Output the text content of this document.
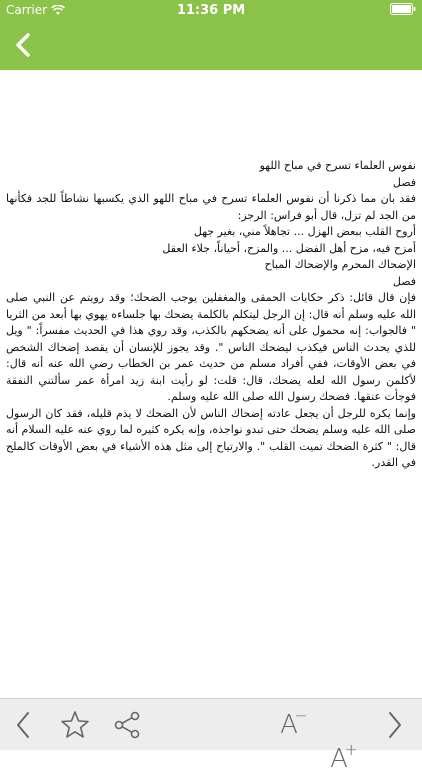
Carrier	11:36 PM
نفوس العلماء تسرح في مباح اللهو
فصل
فقد بان مما ذكرنا أن نفوس العلماء تسرح في مباح اللهو الذي يكسبها نشاطاً للجد فكأنها من الجد لم تزل، قال أبو فراس: الرجز:
أروح القلب ببعض الهزل ... تجاهلاً مني، بغير جهل
أمزح فيه، مزح أهل الفضل ... والمزح، أحياناً، جلاء العقل
الإضحاك المحرم والإضحاك المباح
فصل
فإن قال قائل: ذكر حكايات الحمقى والمغفلين يوجب الضحك؛ وقد رويتم عن النبي صلى الله عليه وسلم أنه قال: إن الرجل ليتكلم بالكلمة يضحك بها جلساءه يهوي بها أبعد من الثريا " فالجواب: إنه محمول على أنه يضحكهم بالكذب، وقد روي هذا في الحديث مفسراً: " ويل للذي يحدث الناس فيكذب ليضحك الناس ". وقد يجوز للإنسان أن يقصد إضحاك الشخص في بعض الأوقات، ففي أفراد مسلم من حديث عمر بن الخطاب رضي الله عنه أنه قال: لأكلمن رسول الله لعله يضحك، قال: قلت: لو رأيت ابنة زيد امرأة عمر سألتني النفقة فوجأت عنقها. فضحك رسول الله صلى الله عليه وسلم.
وإنما يكره للرجل أن يجعل عادته إضحاك الناس لأن الضحك لا يذم قليله، فقد كان الرسول صلى الله عليه وسلم يضحك حتى تبدو نواجذه، وإنه يكره كثيره لما روي عنه عليه السلام أنه قال: " كثرة الضحك تميت القلب ". والارتياح إلى مثل هذه الأشياء في بعض الأوقات كالملح في القدر.
A
−
A
+
